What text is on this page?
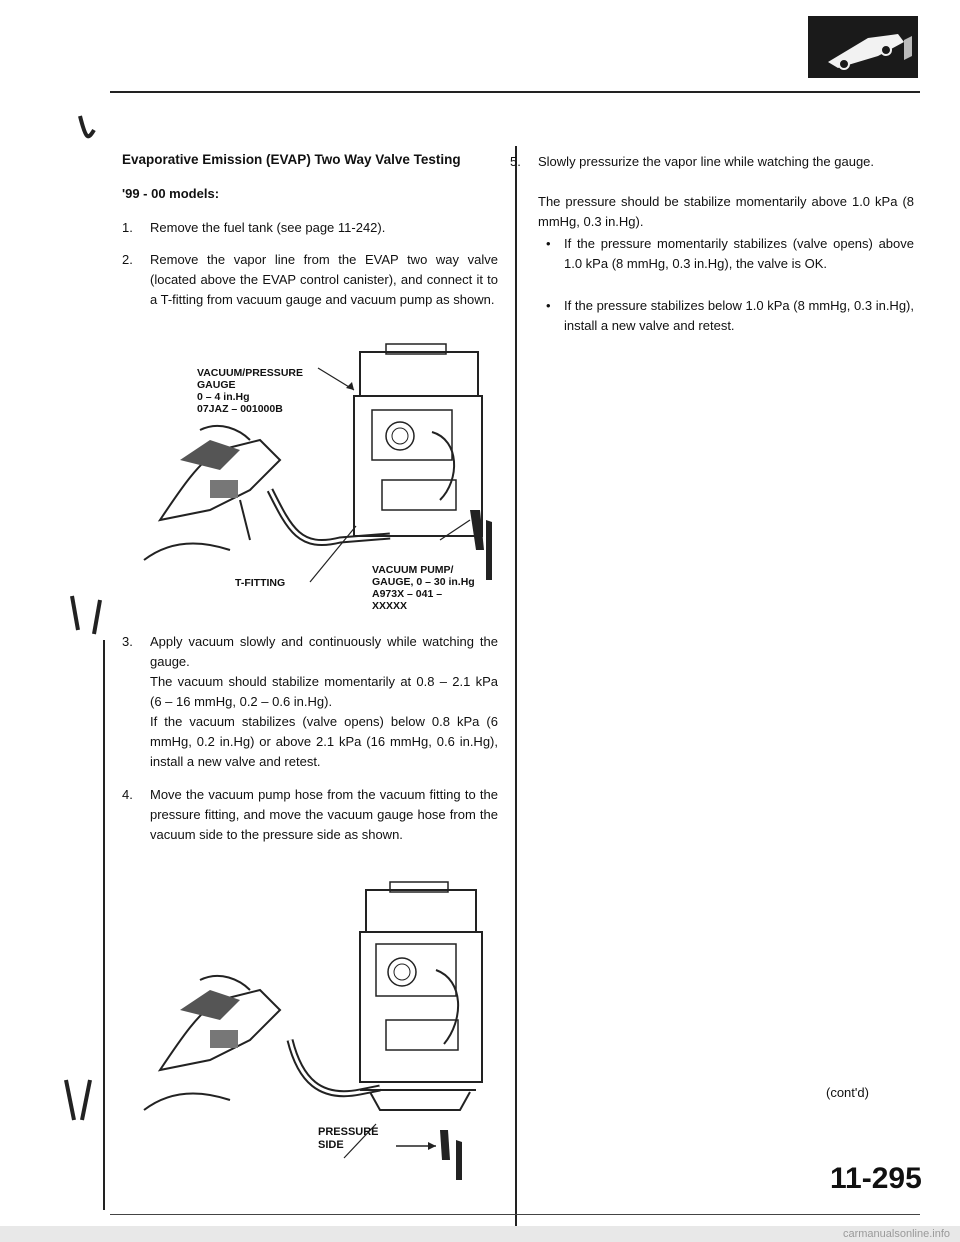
Evaporative Emission (EVAP) Two Way Valve Testing
'99 - 00 models:
1. Remove the fuel tank (see page 11-242).
2. Remove the vapor line from the EVAP two way valve (located above the EVAP control canister), and connect it to a T-fitting from vacuum gauge and vacuum pump as shown.
VACUUM/PRESSURE
GAUGE
0 – 4 in.Hg
07JAZ – 001000B
T-FITTING
VACUUM PUMP/
GAUGE, 0 – 30 in.Hg
A973X – 041 –
XXXXX
3. Apply vacuum slowly and continuously while watching the gauge.
The vacuum should stabilize momentarily at 0.8 – 2.1 kPa (6 – 16 mmHg, 0.2 – 0.6 in.Hg).
If the vacuum stabilizes (valve opens) below 0.8 kPa (6 mmHg, 0.2 in.Hg) or above 2.1 kPa (16 mmHg, 0.6 in.Hg), install a new valve and retest.
4. Move the vacuum pump hose from the vacuum fitting to the pressure fitting, and move the vacuum gauge hose from the vacuum side to the pressure side as shown.
PRESSURE
SIDE
5. Slowly pressurize the vapor line while watching the gauge.
The pressure should be stabilize momentarily above 1.0 kPa (8 mmHg, 0.3 in.Hg).
• If the pressure momentarily stabilizes (valve opens) above 1.0 kPa (8 mmHg, 0.3 in.Hg), the valve is OK.
• If the pressure stabilizes below 1.0 kPa (8 mmHg, 0.3 in.Hg), install a new valve and retest.
(cont'd)
11-295
carmanualsonline.info
